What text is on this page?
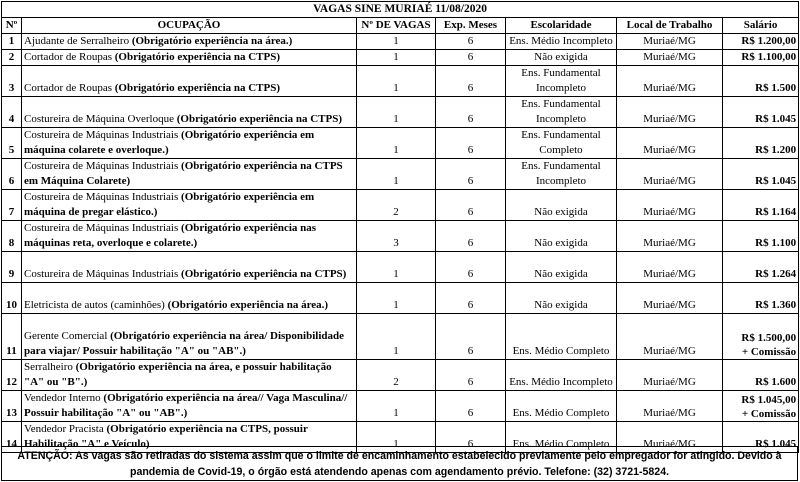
VAGAS SINE MURIAÉ 11/08/2020						
Nº	OCUPAÇÃO	Nº DE VAGAS	Exp. Meses	Escolaridade	Local de Trabalho	Salário
1	Ajudante de Serralheiro (Obrigatório experiência na área.)	1	6	Ens. Médio Incompleto	Muriaé/MG	R$ 1.200,00

2	Cortador de Roupas (Obrigatório experiência na CTPS)	1	6	Não exigida	Muriaé/MG	R$ 1.100,00

3	Cortador de Roupas (Obrigatório experiência na CTPS)	1	6	Ens. Fundamental Incompleto	Muriaé/MG	R$ 1.500

4	Costureira de Máquina Overloque (Obrigatório experiência na CTPS)	1	6	Ens. Fundamental Incompleto	Muriaé/MG	R$ 1.045

5	Costureira de Máquinas Industriais (Obrigatório experiência em máquina colarete e overloque.)	1	6	Ens. Fundamental Completo	Muriaé/MG	R$ 1.200

6	Costureira de Máquinas Industriais (Obrigatório experiência na CTPS em Máquina Colarete)	1	6	Ens. Fundamental Incompleto	Muriaé/MG	R$ 1.045

7	Costureira de Máquinas Industriais (Obrigatório experiência em máquina de pregar elástico.)	2	6	Não exigida	Muriaé/MG	R$ 1.164

8	Costureira de Máquinas Industriais (Obrigatório experiência nas máquinas reta, overloque e colarete.)	3	6	Não exigida	Muriaé/MG	R$ 1.100

9	Costureira de Máquinas Industriais (Obrigatório experiência na CTPS)	1	6	Não exigida	Muriaé/MG	R$ 1.264

10	Eletricista de autos (caminhões) (Obrigatório experiência na área.)	1	6	Não exigida	Muriaé/MG	R$ 1.360

11	Gerente Comercial (Obrigatório experiência na área/ Disponibilidade para viajar/ Possuir habilitação "A" ou "AB".)	1	6	Ens. Médio Completo	Muriaé/MG	R$ 1.500,00
+ Comissão

12	Serralheiro (Obrigatório experiência na área, e possuir habilitação "A" ou "B".)	2	6	Ens. Médio Incompleto	Muriaé/MG	R$ 1.600

13	Vendedor Interno (Obrigatório experiência na área// Vaga Masculina// Possuir habilitação "A" ou "AB".)	1	6	Ens. Médio Completo	Muriaé/MG	R$ 1.045,00
+ Comissão

14	Vendedor Pracista (Obrigatório experiência na CTPS, possuir Habilitação "A" e Veículo)	1	6	Ens. Médio Completo	Muriaé/MG	R$ 1.045
ATENÇÃO: As vagas são retiradas do sistema assim que o limite de encaminhamento estabelecido previamente pelo empregador for atingido. Devido à
pandemia de Covid-19, o órgão está atendendo apenas com agendamento prévio. Telefone: (32) 3721-5824.
